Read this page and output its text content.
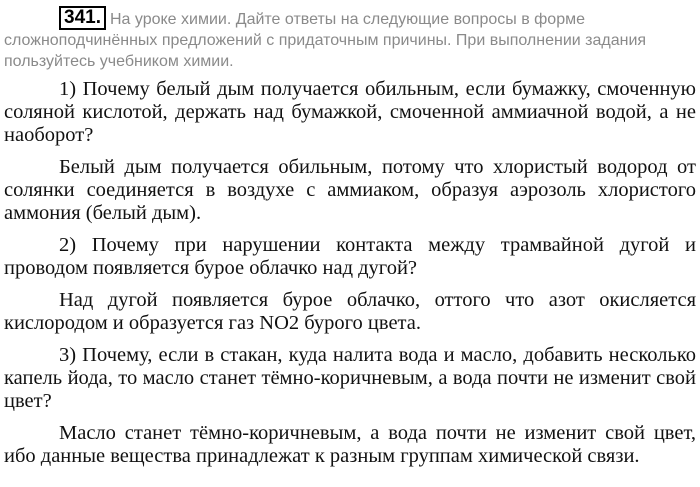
341. На уроке химии. Дайте ответы на следующие вопросы в форме сложноподчинённых предложений с придаточным причины. При выполнении задания пользуйтесь учебником химии.

1) Почему белый дым получается обильным, если бумажку, смоченную соляной кислотой, держать над бумажкой, смоченной аммиачной водой, а не наоборот?

Белый дым получается обильным, потому что хлористый водород от солянки соединяется в воздухе с аммиаком, образуя аэрозоль хлористого аммония (белый дым).

2) Почему при нарушении контакта между трамвайной дугой и проводом появляется бурое облачко над дугой?

Над дугой появляется бурое облачко, оттого что азот окисляется кислородом и образуется газ NO2 бурого цвета.

3) Почему, если в стакан, куда налита вода и масло, добавить несколько капель йода, то масло станет тёмно-коричневым, а вода почти не изменит свой цвет?

Масло станет тёмно-коричневым, а вода почти не изменит свой цвет, ибо данные вещества принадлежат к разным группам химической связи.
